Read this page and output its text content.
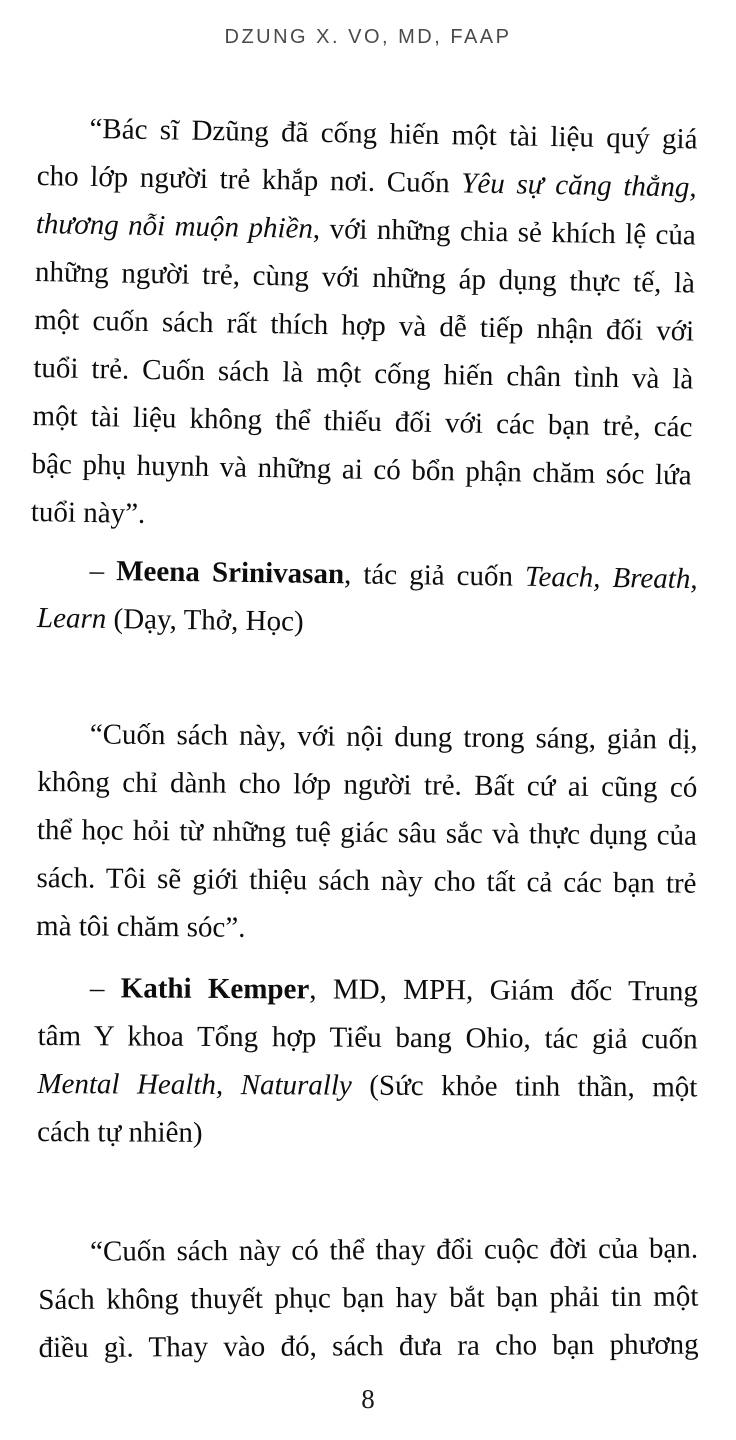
DZUNG X. VO, MD, FAAP
“Bác sĩ Dzũng đã cống hiến một tài liệu quý giá
cho lớp người trẻ khắp nơi. Cuốn Yêu sự căng thẳng,
thương nỗi muộn phiền, với những chia sẻ khích lệ của
những người trẻ, cùng với những áp dụng thực tế, là
một cuốn sách rất thích hợp và dễ tiếp nhận đối với
tuổi trẻ. Cuốn sách là một cống hiến chân tình và là
một tài liệu không thể thiếu đối với các bạn trẻ, các
bậc phụ huynh và những ai có bổn phận chăm sóc lứa
tuổi này”.
– Meena Srinivasan, tác giả cuốn Teach, Breath,
Learn (Dạy, Thở, Học)
“Cuốn sách này, với nội dung trong sáng, giản dị,
không chỉ dành cho lớp người trẻ. Bất cứ ai cũng có
thể học hỏi từ những tuệ giác sâu sắc và thực dụng của
sách. Tôi sẽ giới thiệu sách này cho tất cả các bạn trẻ
mà tôi chăm sóc”.
– Kathi Kemper, MD, MPH, Giám đốc Trung
tâm Y khoa Tổng hợp Tiểu bang Ohio, tác giả cuốn
Mental Health, Naturally (Sức khỏe tinh thần, một
cách tự nhiên)
“Cuốn sách này có thể thay đổi cuộc đời của bạn.
Sách không thuyết phục bạn hay bắt bạn phải tin một
điều gì. Thay vào đó, sách đưa ra cho bạn phương
8
